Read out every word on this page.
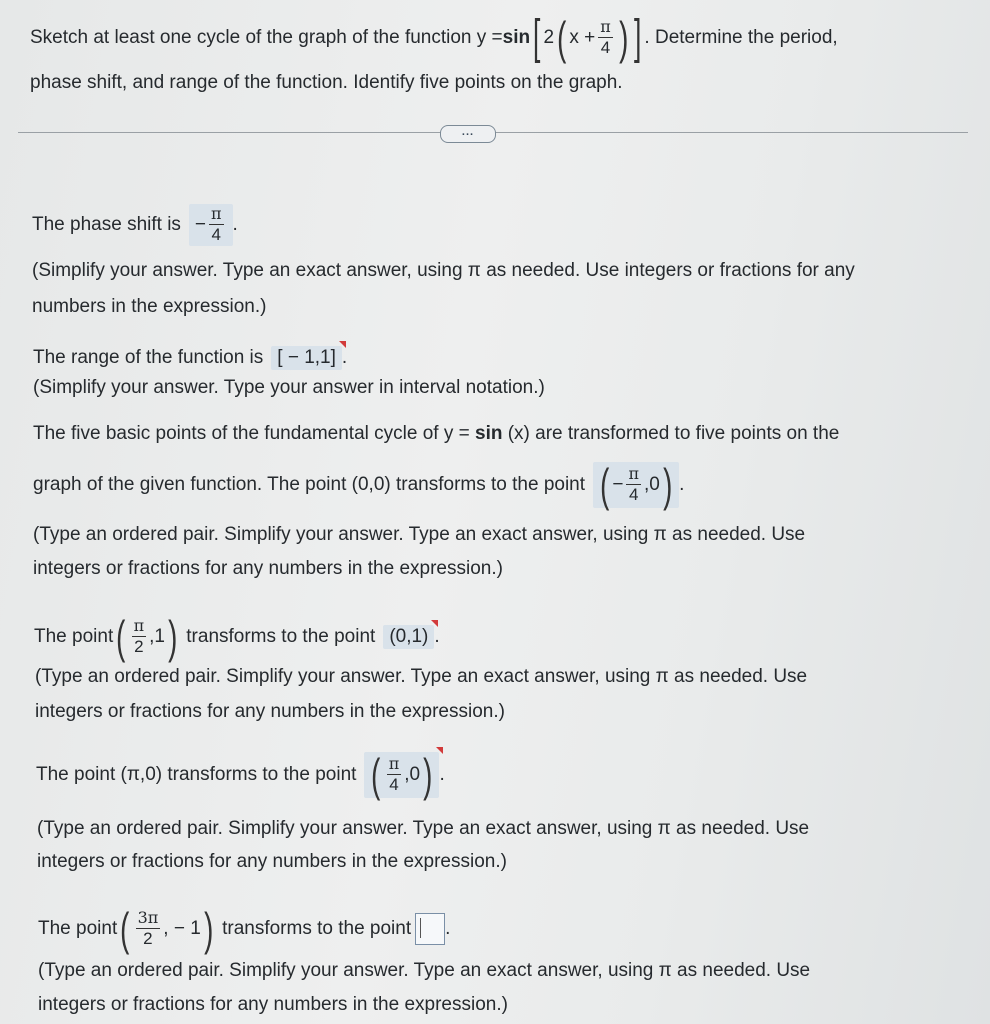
Sketch at least one cycle of the graph of the function y = sin [ 2 ( $x + \frac{\pi}{4}$ ) ] . Determine the period,
phase shift, and range of the function. Identify five points on the graph.
...
The phase shift is − $\frac{\pi}{4}$ .
(Simplify your answer. Type an exact answer, using π as needed. Use integers or fractions for any
numbers in the expression.)
The range of the function is [ − 1,1] .
(Simplify your answer. Type your answer in interval notation.)
The five basic points of the fundamental cycle of y = sin (x) are transformed to five points on the
graph of the given function. The point (0,0) transforms to the point ( − $\frac{\pi}{4} ,0$ ) .
(Type an ordered pair. Simplify your answer. Type an exact answer, using π as needed. Use
integers or fractions for any numbers in the expression.)
The point ( $\frac{\pi}{2} ,1$ ) transforms to the point (0,1) .
(Type an ordered pair. Simplify your answer. Type an exact answer, using π as needed. Use
integers or fractions for any numbers in the expression.)
The point (π,0) transforms to the point ( $\frac{\pi}{4} ,0$ ) .
(Type an ordered pair. Simplify your answer. Type an exact answer, using π as needed. Use
integers or fractions for any numbers in the expression.)
The point ( $\frac{3\pi}{2}$ , − 1 ) transforms to the point .
(Type an ordered pair. Simplify your answer. Type an exact answer, using π as needed. Use
integers or fractions for any numbers in the expression.)
